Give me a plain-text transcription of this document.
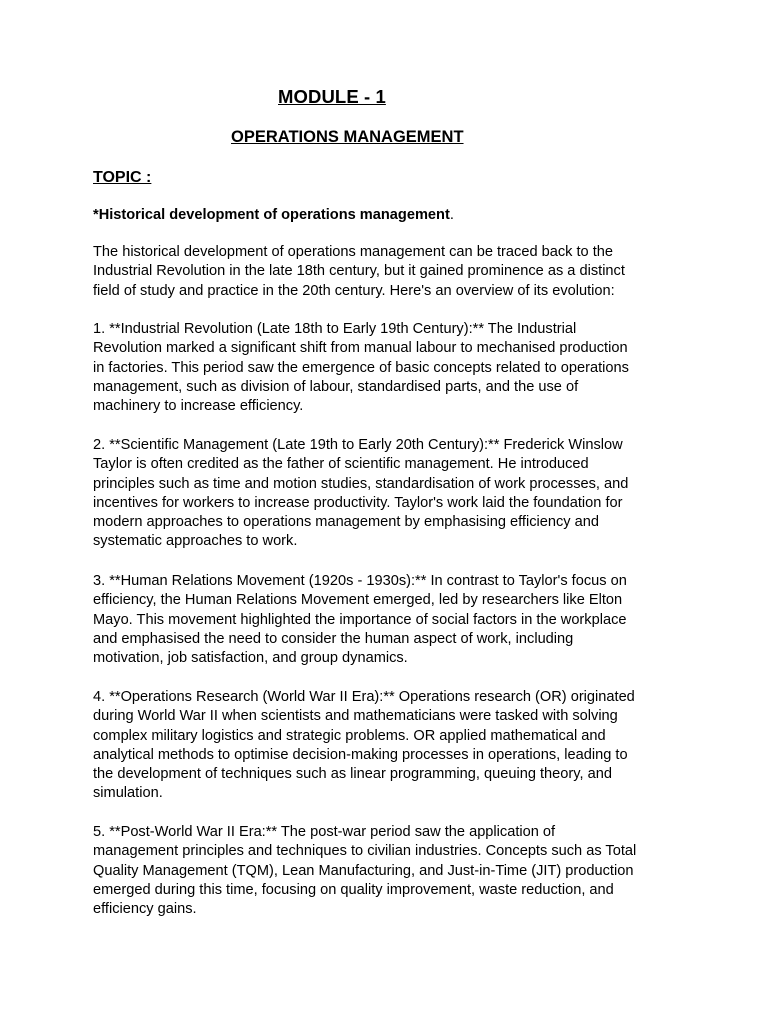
MODULE - 1
OPERATIONS MANAGEMENT
TOPIC :
*Historical development of operations management.
The historical development of operations management can be traced back to the
Industrial Revolution in the late 18th century, but it gained prominence as a distinct
field of study and practice in the 20th century. Here's an overview of its evolution:
1. **Industrial Revolution (Late 18th to Early 19th Century):** The Industrial
Revolution marked a significant shift from manual labour to mechanised production
in factories. This period saw the emergence of basic concepts related to operations
management, such as division of labour, standardised parts, and the use of
machinery to increase efficiency.
2. **Scientific Management (Late 19th to Early 20th Century):** Frederick Winslow
Taylor is often credited as the father of scientific management. He introduced
principles such as time and motion studies, standardisation of work processes, and
incentives for workers to increase productivity. Taylor's work laid the foundation for
modern approaches to operations management by emphasising efficiency and
systematic approaches to work.
3. **Human Relations Movement (1920s - 1930s):** In contrast to Taylor's focus on
efficiency, the Human Relations Movement emerged, led by researchers like Elton
Mayo. This movement highlighted the importance of social factors in the workplace
and emphasised the need to consider the human aspect of work, including
motivation, job satisfaction, and group dynamics.
4. **Operations Research (World War II Era):** Operations research (OR) originated
during World War II when scientists and mathematicians were tasked with solving
complex military logistics and strategic problems. OR applied mathematical and
analytical methods to optimise decision-making processes in operations, leading to
the development of techniques such as linear programming, queuing theory, and
simulation.
5. **Post-World War II Era:** The post-war period saw the application of
management principles and techniques to civilian industries. Concepts such as Total
Quality Management (TQM), Lean Manufacturing, and Just-in-Time (JIT) production
emerged during this time, focusing on quality improvement, waste reduction, and
efficiency gains.
